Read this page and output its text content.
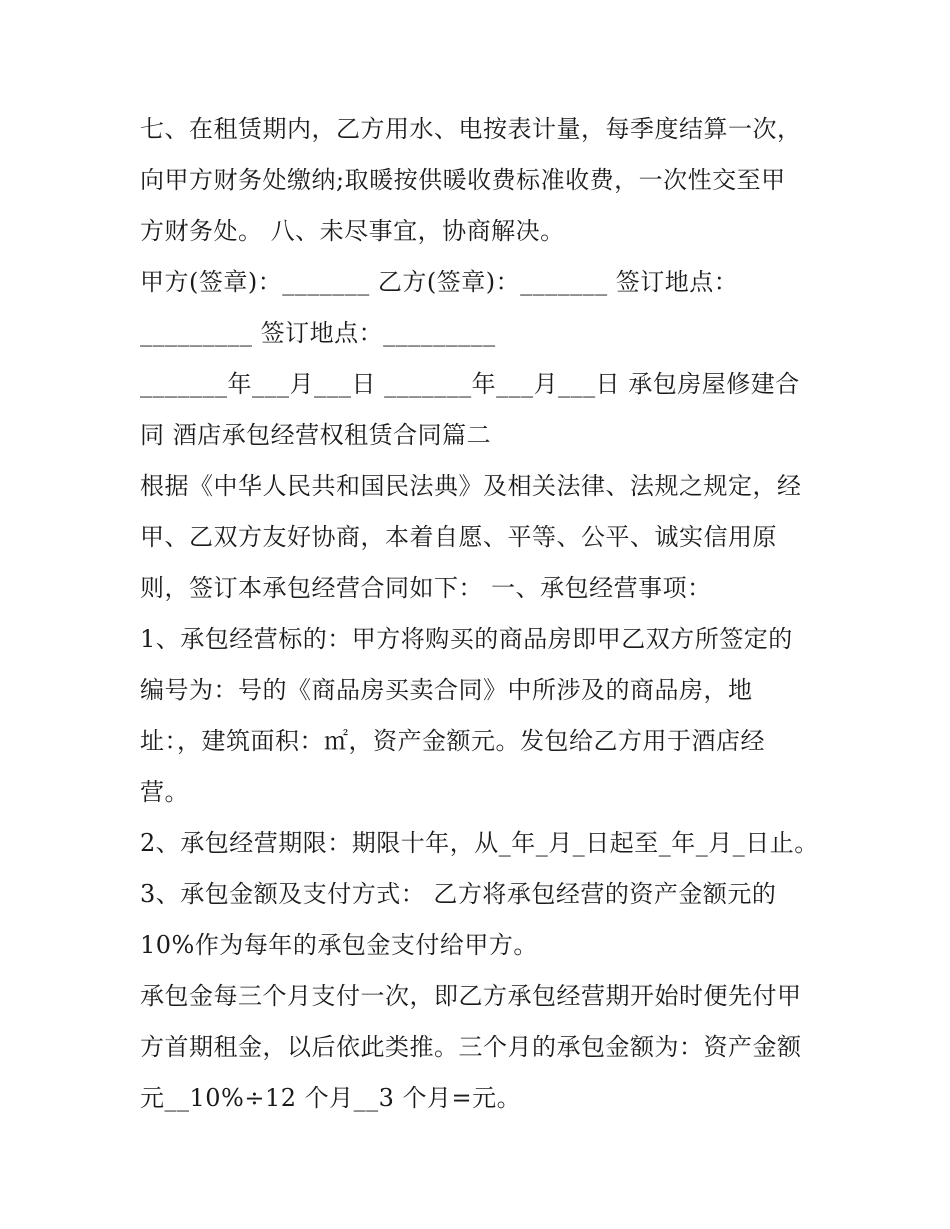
七、在租赁期内，乙方用水、电按表计量，每季度结算一次，
向甲方财务处缴纳;取暖按供暖收费标准收费，一次性交至甲
方财务处。 八、未尽事宜，协商解决。
甲方(签章)：_______ 乙方(签章)：_______ 签订地点：
_________ 签订地点：_________
_______年___月___日 _______年___月___日 承包房屋修建合
同 酒店承包经营权租赁合同篇二
根据《中华人民共和国民法典》及相关法律、法规之规定，经
甲、乙双方友好协商，本着自愿、平等、公平、诚实信用原
则，签订本承包经营合同如下： 一、承包经营事项：
1、承包经营标的：甲方将购买的商品房即甲乙双方所签定的
编号为：号的《商品房买卖合同》中所涉及的商品房，地
址：，建筑面积：㎡，资产金额元。发包给乙方用于酒店经
营。
2、承包经营期限：期限十年，从_年_月_日起至_年_月_日止。
3、承包金额及支付方式： 乙方将承包经营的资产金额元的
10%作为每年的承包金支付给甲方。
承包金每三个月支付一次，即乙方承包经营期开始时便先付甲
方首期租金，以后依此类推。三个月的承包金额为：资产金额
元__10%÷12 个月__3 个月=元。
